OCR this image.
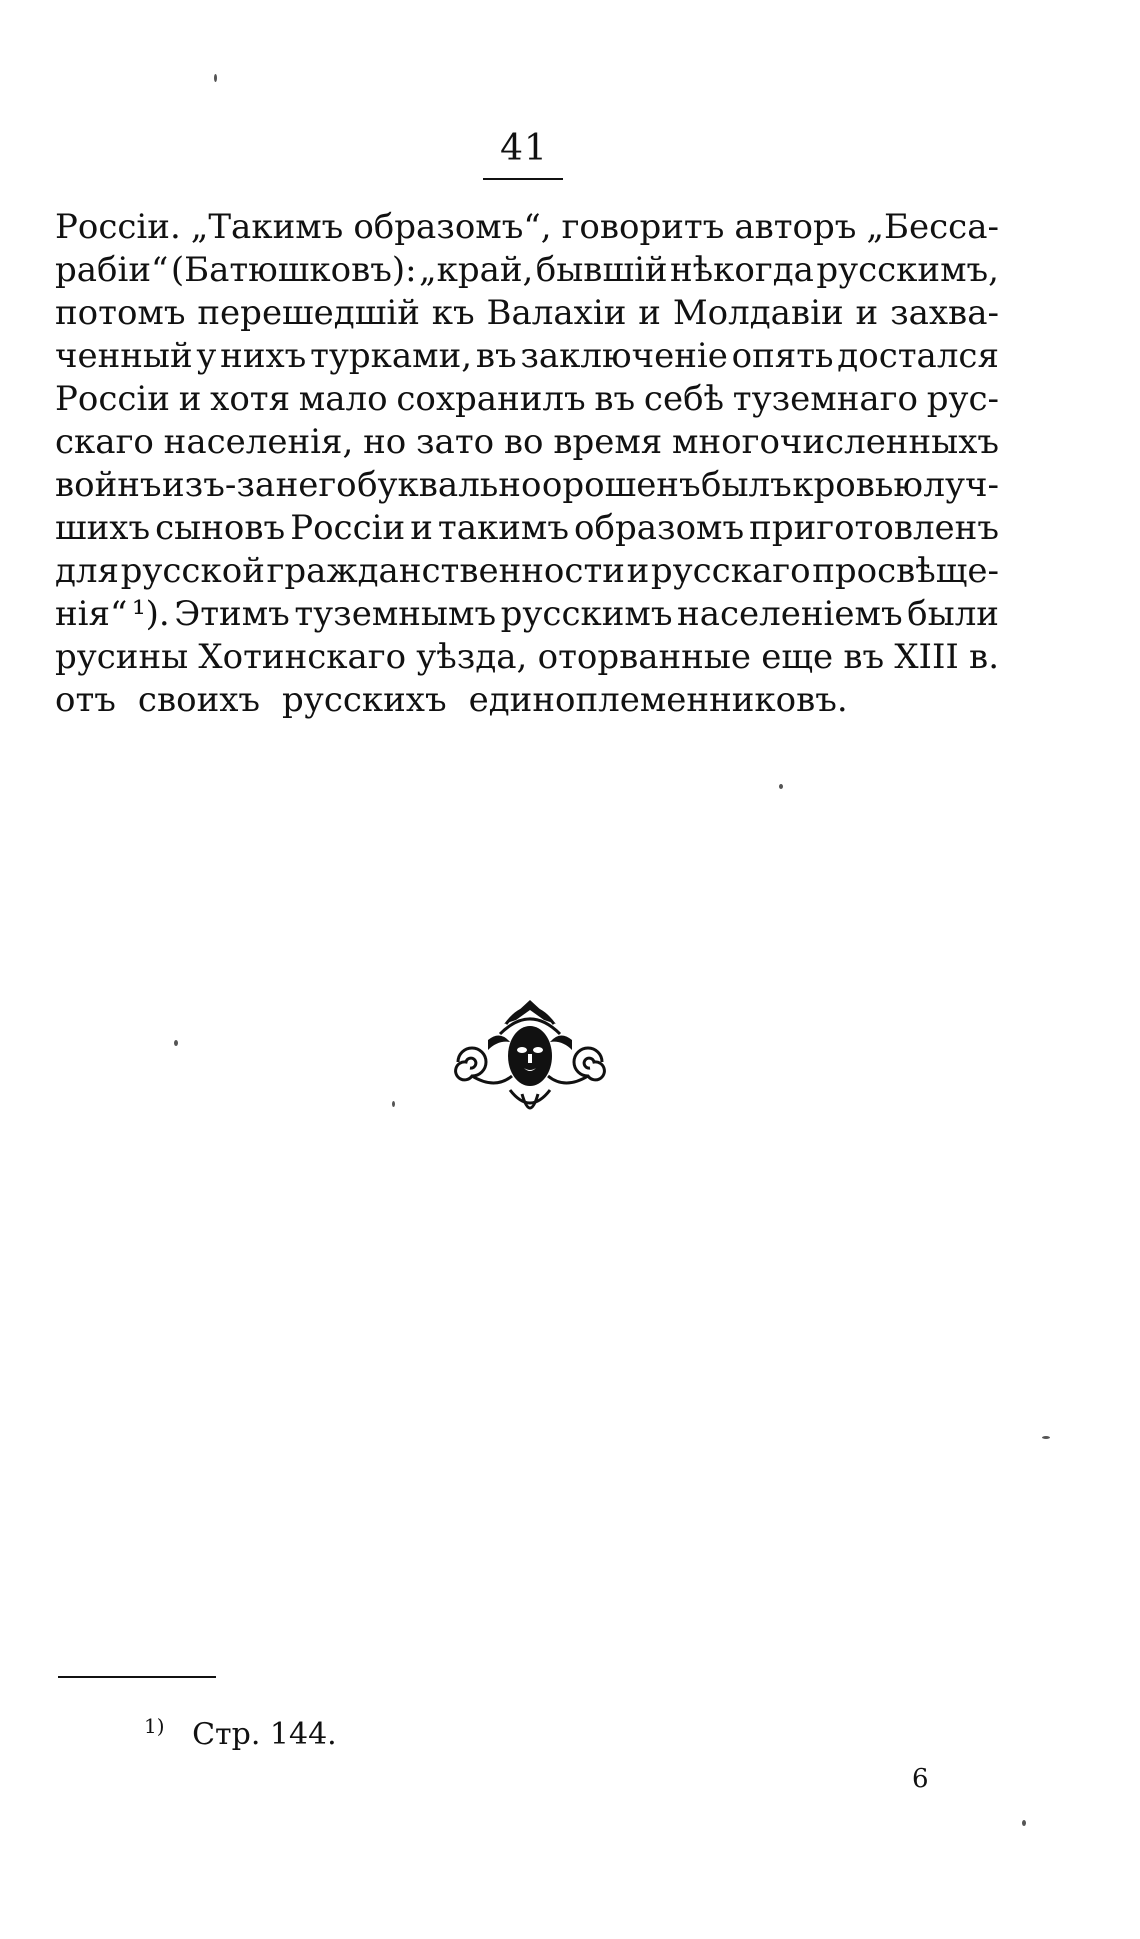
41
Россіи. „Такимъ образомъ“, говоритъ авторъ „Бесса-
рабіи“ (Батюшковъ): „край, бывшій нѣкогда русскимъ,
потомъ перешедшій къ Валахіи и Молдавіи и захва-
ченный у нихъ турками, въ заключеніе опять достался
Россіи и хотя мало сохранилъ въ себѣ туземнаго рус-
скаго населенія, но зато во время многочисленныхъ
войнъ изъ-за него буквально орошенъ былъ кровью луч-
шихъ сыновъ Россіи и такимъ образомъ приготовленъ
для русской гражданственности и русскаго просвѣще-
нія“ ¹). Этимъ туземнымъ русскимъ населеніемъ были
русины Хотинскаго уѣзда, оторванные еще въ XIII в.
отъ своихъ русскихъ единоплеменниковъ.
$^{1)}$ Стр. 144.
6
